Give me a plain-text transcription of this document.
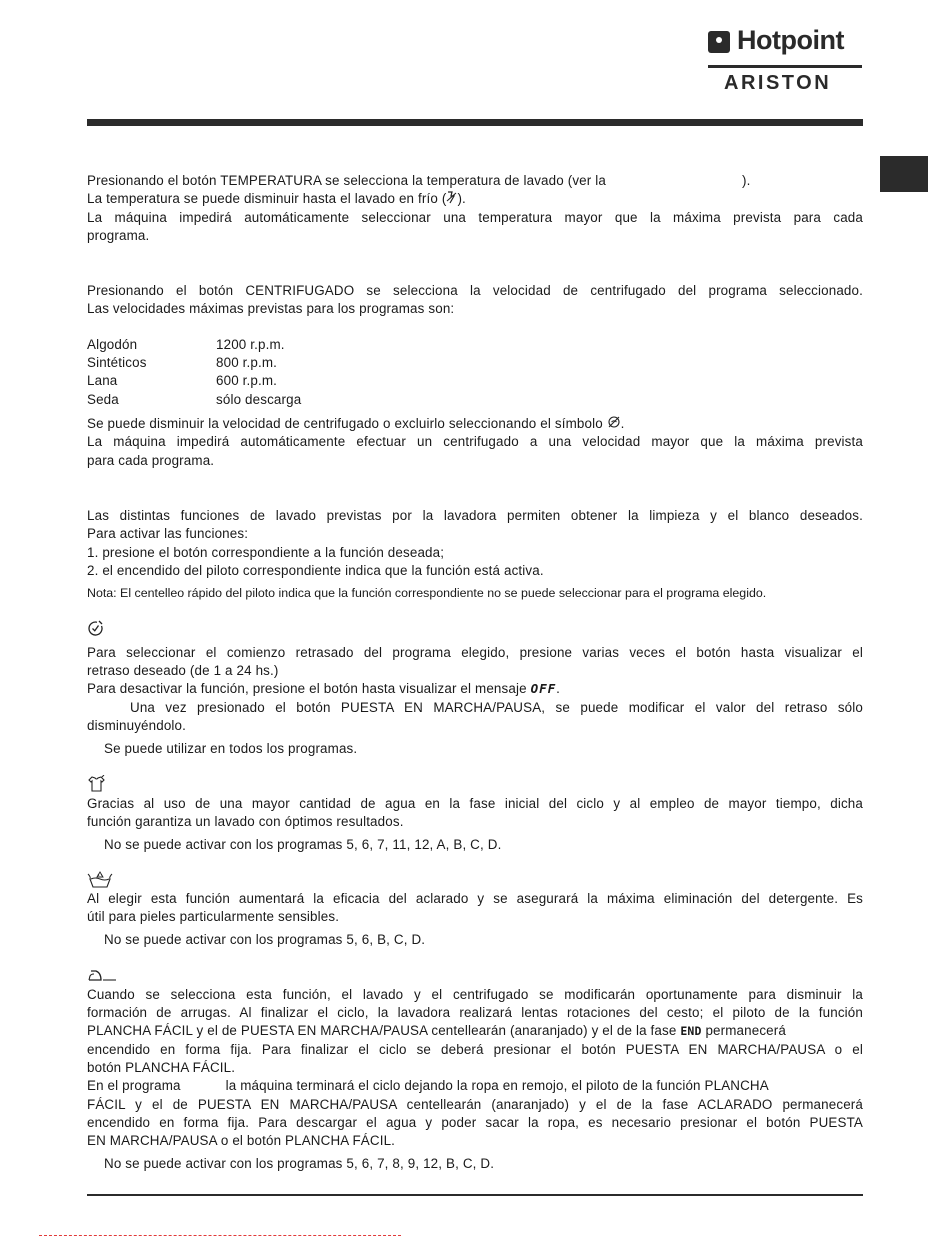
Hotpoint
ARISTON
Presionando el botón TEMPERATURA se selecciona la temperatura de lavado (ver la	).
La temperatura se puede disminuir hasta el lavado en frío ( ).
La máquina impedirá automáticamente seleccionar una temperatura mayor que la máxima prevista para cada
programa.
Presionando el botón CENTRIFUGADO se selecciona la velocidad de centrifugado del programa seleccionado.
Las velocidades máximas previstas para los programas son:
Algodón	1200 r.p.m.
Sintéticos	800 r.p.m.
Lana	600 r.p.m.
Seda	sólo descarga
Se puede disminuir la velocidad de centrifugado o excluirlo seleccionando el símbolo .
La máquina impedirá automáticamente efectuar un centrifugado a una velocidad mayor que la máxima prevista
para cada programa.
Las distintas funciones de lavado previstas por la lavadora permiten obtener la limpieza y el blanco deseados.
Para activar las funciones:
1. presione el botón correspondiente a la función deseada;
2. el encendido del piloto correspondiente indica que la función está activa.
Nota: El centelleo rápido del piloto indica que la función correspondiente no se puede seleccionar para el programa elegido.
Para seleccionar el comienzo retrasado del programa elegido, presione varias veces el botón hasta visualizar el
retraso deseado (de 1 a 24 hs.)
Para desactivar la función, presione el botón hasta visualizar el mensaje OFF.
Una vez presionado el botón PUESTA EN MARCHA/PAUSA, se puede modificar el valor del retraso sólo
disminuyéndolo.
Se puede utilizar en todos los programas.
Gracias al uso de una mayor cantidad de agua en la fase inicial del ciclo y al empleo de mayor tiempo, dicha
función garantiza un lavado con óptimos resultados.
No se puede activar con los programas 5, 6, 7, 11, 12, A, B, C, D.
Al elegir esta función aumentará la eficacia del aclarado y se asegurará la máxima eliminación del detergente. Es
útil para pieles particularmente sensibles.
No se puede activar con los programas 5, 6, B, C, D.
Cuando se selecciona esta función, el lavado y el centrifugado se modificarán oportunamente para disminuir la
formación de arrugas. Al finalizar el ciclo, la lavadora realizará lentas rotaciones del cesto; el piloto de la función
PLANCHA FÁCIL y el de PUESTA EN MARCHA/PAUSA centellearán (anaranjado) y el de la fase END permanecerá
encendido en forma fija. Para finalizar el ciclo se deberá presionar el botón PUESTA EN MARCHA/PAUSA o el
botón PLANCHA FÁCIL.
En el programa	la máquina terminará el ciclo dejando la ropa en remojo, el piloto de la función PLANCHA
FÁCIL y el de PUESTA EN MARCHA/PAUSA centellearán (anaranjado) y el de la fase ACLARADO permanecerá
encendido en forma fija. Para descargar el agua y poder sacar la ropa, es necesario presionar el botón PUESTA
EN MARCHA/PAUSA o el botón PLANCHA FÁCIL.
No se puede activar con los programas 5, 6, 7, 8, 9, 12, B, C, D.
